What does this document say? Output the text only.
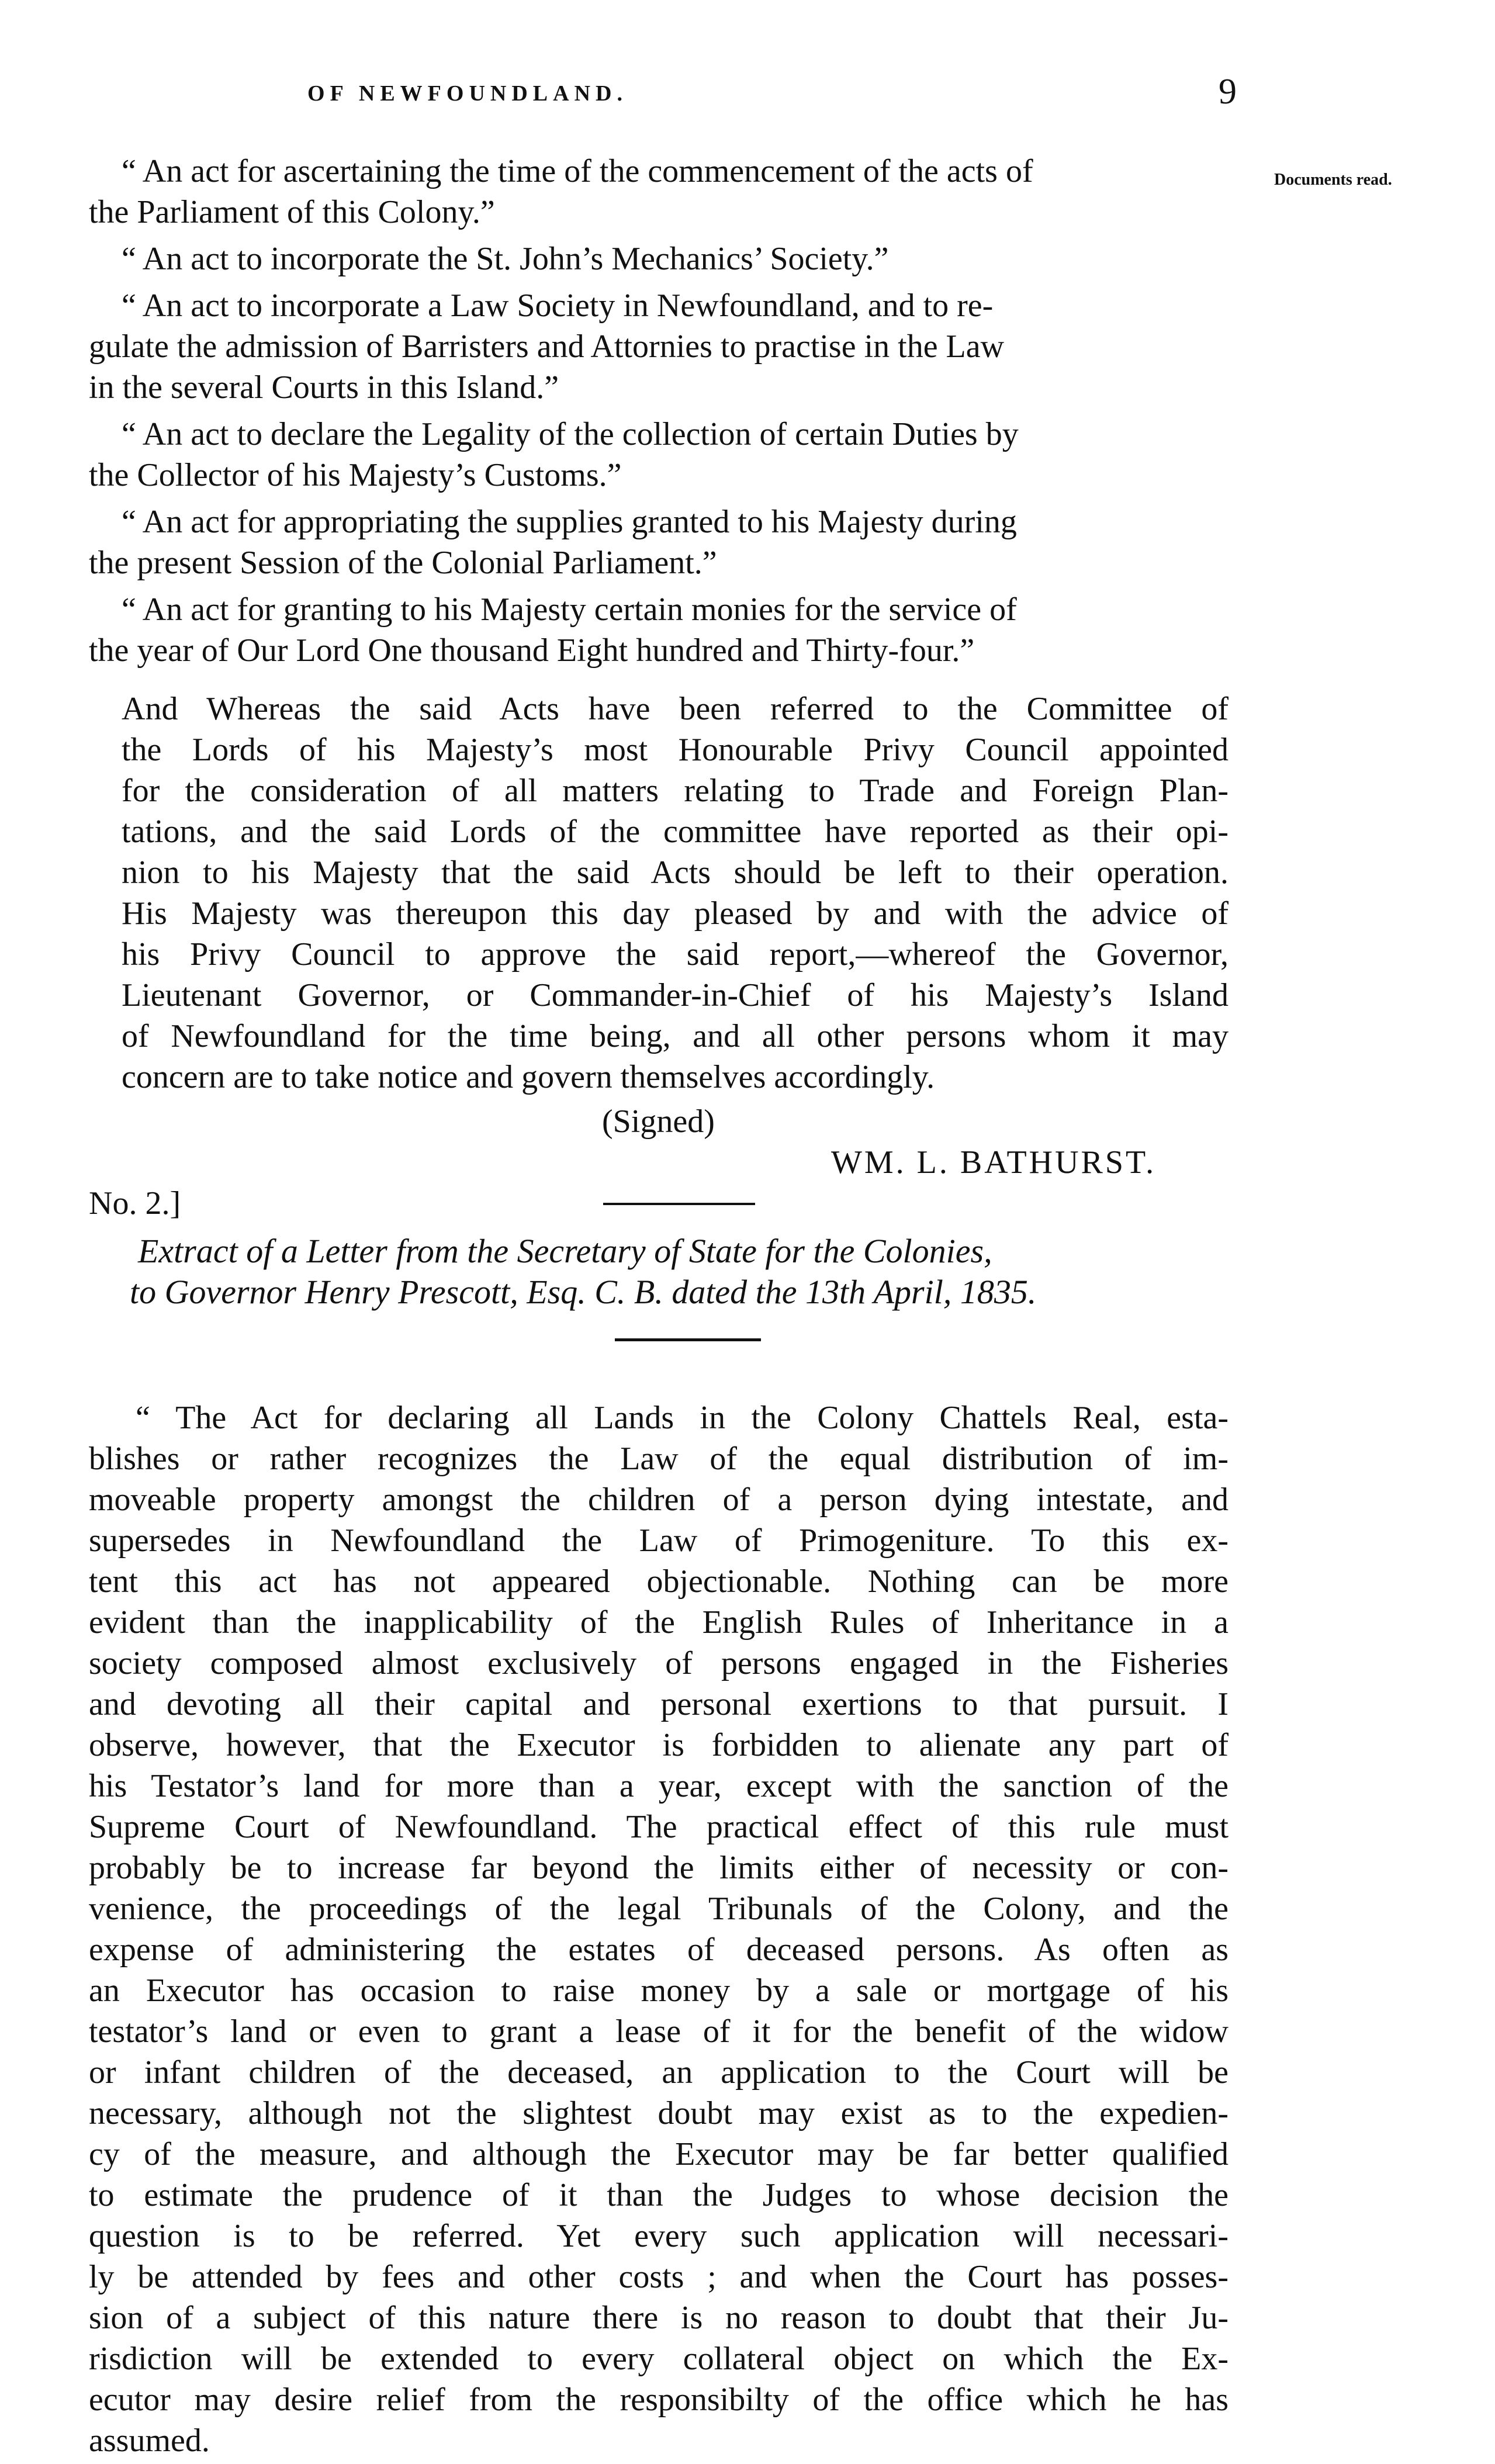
OF NEWFOUNDLAND.	9
Documents read.

“ An act for ascertaining the time of the commencement of the acts of
the Parliament of this Colony.”

“ An act to incorporate the St. John’s Mechanics’ Society.”

“ An act to incorporate a Law Society in Newfoundland, and to re-
gulate the admission of Barristers and Attornies to practise in the Law
in the several Courts in this Island.”

“ An act to declare the Legality of the collection of certain Duties by
the Collector of his Majesty’s Customs.”

“ An act for appropriating the supplies granted to his Majesty during
the present Session of the Colonial Parliament.”

“ An act for granting to his Majesty certain monies for the service of
the year of Our Lord One thousand Eight hundred and Thirty-four.”

And Whereas the said Acts have been referred to the Committee of
the Lords of his Majesty’s most Honourable Privy Council appointed
for the consideration of all matters relating to Trade and Foreign Plan-
tations, and the said Lords of the committee have reported as their opi-
nion to his Majesty that the said Acts should be left to their operation.
His Majesty was thereupon this day pleased by and with the advice of
his Privy Council to approve the said report,—whereof the Governor,
Lieutenant Governor, or Commander-in-Chief of his Majesty’s Island
of Newfoundland for the time being, and all other persons whom it may
concern are to take notice and govern themselves accordingly.

(Signed)

WM. L. BATHURST.

No. 2.]

Extract of a Letter from the Secretary of State for the Colonies,
to Governor Henry Prescott, Esq. C. B. dated the 13th April, 1835.

“ The Act for declaring all Lands in the Colony Chattels Real, esta-
blishes or rather recognizes the Law of the equal distribution of im-
moveable property amongst the children of a person dying intestate, and
supersedes in Newfoundland the Law of Primogeniture. To this ex-
tent this act has not appeared objectionable. Nothing can be more
evident than the inapplicability of the English Rules of Inheritance in a
society composed almost exclusively of persons engaged in the Fisheries
and devoting all their capital and personal exertions to that pursuit. I
observe, however, that the Executor is forbidden to alienate any part of
his Testator’s land for more than a year, except with the sanction of the
Supreme Court of Newfoundland. The practical effect of this rule must
probably be to increase far beyond the limits either of necessity or con-
venience, the proceedings of the legal Tribunals of the Colony, and the
expense of administering the estates of deceased persons. As often as
an Executor has occasion to raise money by a sale or mortgage of his
testator’s land or even to grant a lease of it for the benefit of the widow
or infant children of the deceased, an application to the Court will be
necessary, although not the slightest doubt may exist as to the expedien-
cy of the measure, and although the Executor may be far better qualified
to estimate the prudence of it than the Judges to whose decision the
question is to be referred. Yet every such application will necessari-
ly be attended by fees and other costs ; and when the Court has posses-
sion of a subject of this nature there is no reason to doubt that their Ju-
risdiction will be extended to every collateral object on which the Ex-
ecutor may desire relief from the responsibilty of the office which he has
assumed.
